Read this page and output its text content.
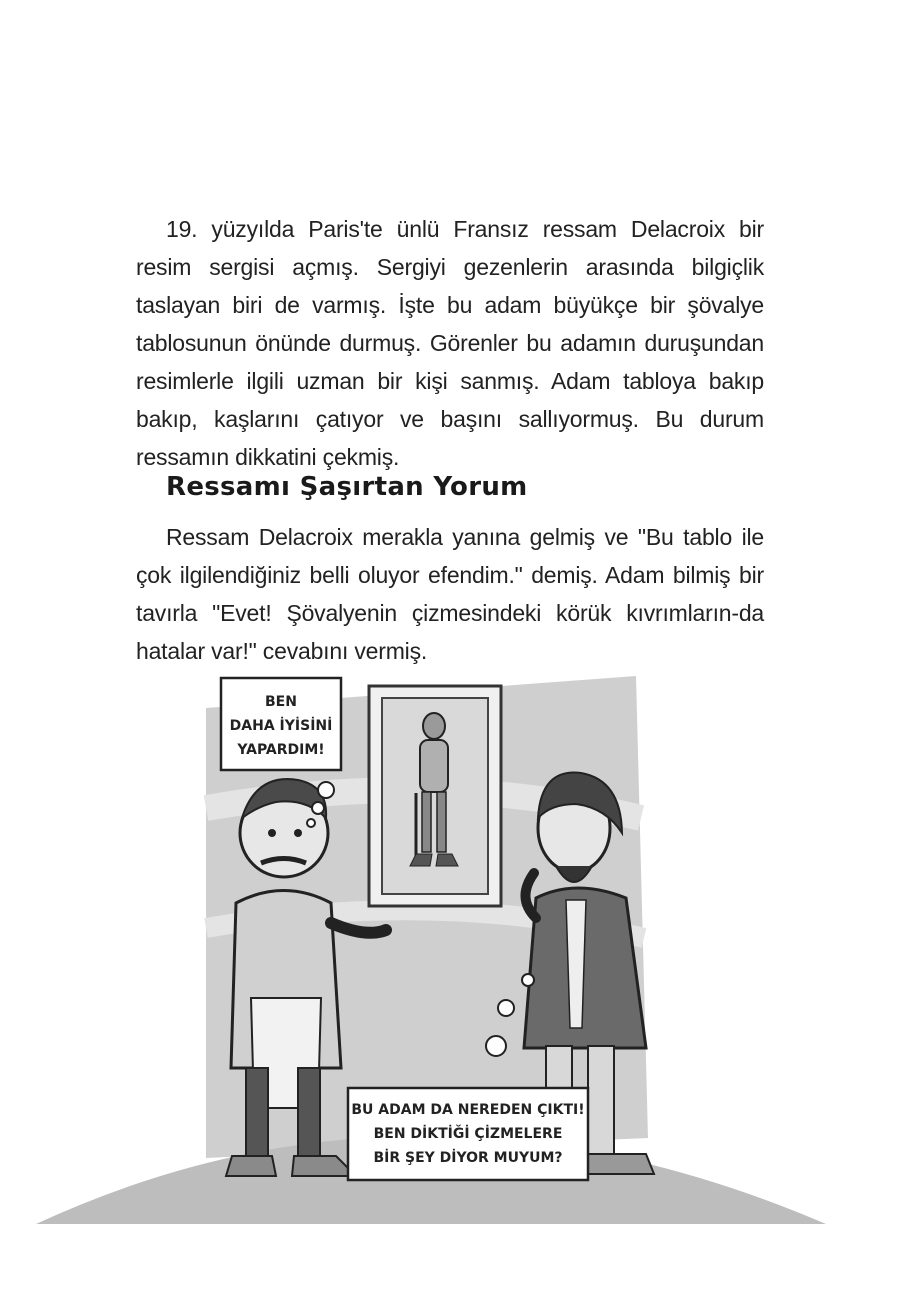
19. yüzyılda Paris'te ünlü Fransız ressam Delacroix bir resim sergisi açmış. Sergiyi gezenlerin arasında bilgiçlik taslayan biri de varmış. İşte bu adam büyükçe bir şövalye tablosunun önünde durmuş. Görenler bu adamın duruşundan resimlerle ilgili uzman bir kişi sanmış. Adam tabloya bakıp bakıp, kaşlarını çatıyor ve başını sallıyormuş. Bu durum ressamın dikkatini çekmiş.
Ressamı Şaşırtan Yorum
Ressam Delacroix merakla yanına gelmiş ve "Bu tablo ile çok ilgilendiğiniz belli oluyor efendim." demiş. Adam bilmiş bir tavırla "Evet! Şövalyenin çizmesindeki körük kıvrımların-da hatalar var!" cevabını vermiş.
BEN
DAHA İYİSİNİ
YAPARDIM!
BU ADAM DA NEREDEN ÇIKTI!
BEN DİKTİĞİ ÇİZMELERE
BİR ŞEY DİYOR MUYUM?
